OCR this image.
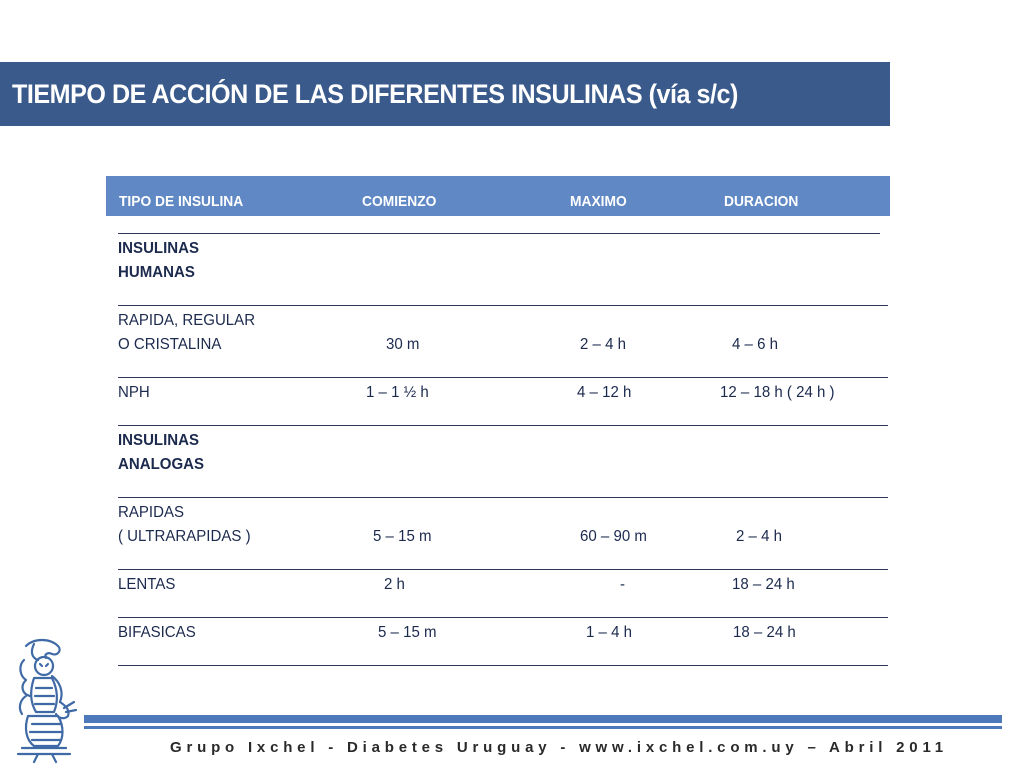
TIEMPO DE ACCIÓN DE LAS DIFERENTES INSULINAS (vía s/c)
TIPO DE INSULINA	COMIENZO	MAXIMO	DURACION
INSULINAS
HUMANAS
RAPIDA, REGULAR
O CRISTALINA	30 m	2 – 4 h	4 – 6 h
NPH	1 – 1 ½ h	4 – 12 h	12 – 18 h ( 24 h )
INSULINAS
ANALOGAS
RAPIDAS
( ULTRARAPIDAS )	5 – 15 m	60 – 90 m	2 – 4 h
LENTAS	2 h	-	18 – 24 h
BIFASICAS	5 – 15 m	1 – 4 h	18 – 24 h
Grupo Ixchel - Diabetes Uruguay - www.ixchel.com.uy – Abril 2011
